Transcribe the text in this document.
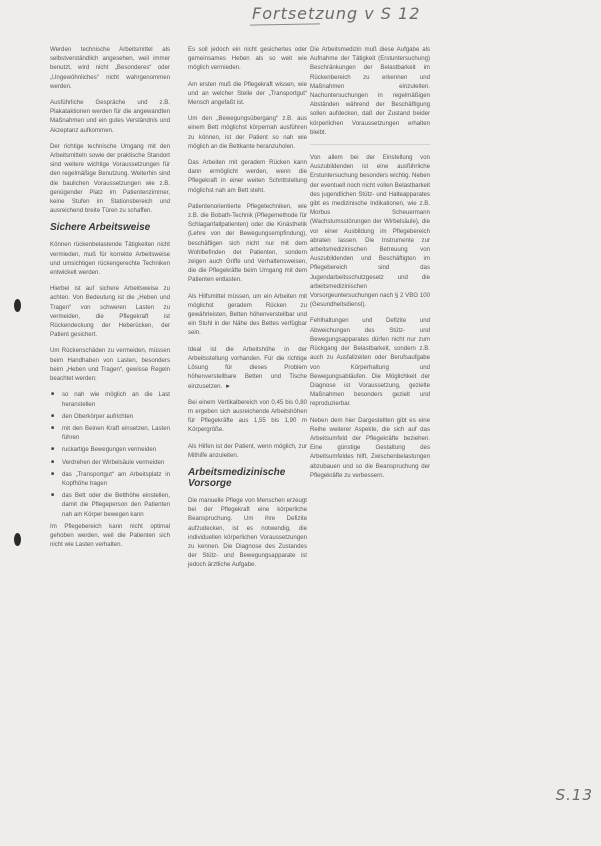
Fortsetzung v S 12

Werden technische Arbeitsmittel als selbstverständlich angesehen, weil immer benutzt, wird nicht „Besonderes“ oder „Ungewöhnliches“ nicht wahrgenommen werden.

Ausführliche Gespräche und z.B. Plakataktionen werden für die angewandten Maßnahmen und ein gutes Verständnis und Akzeptanz aufkommen.

Der richtige technische Umgang mit den Arbeitsmitteln sowie der praktische Standort sind weitere wichtige Voraussetzungen für den regelmäßige Benutzung. Weiterhin sind die baulichen Voraussetzungen wie z.B. genügender Platz im Patientenzimmer, keine Stufen im Stationsbereich und ausreichend breite Türen zu schaffen.

Sichere Arbeitsweise

Können rückenbelastende Tätigkeiten nicht vermieden, muß für korrekte Arbeitsweise und umsichtigen rückengerechte Techniken entwickelt werden.

Hierbei ist auf sichere Arbeitsweise zu achten. Von Bedeutung ist die „Heben und Tragen“ von schweren Lasten zu vermeiden, die Pflegekraft ist Rückendeckung der Heberücken, der Patient gesichert.

Um Rückenschäden zu vermeiden, müssen beim Handhaben von Lasten, besonders beim „Heben und Tragen“, gewisse Regeln beachtet werden:

■ so nah wie möglich an die Last heranstellen
■ den Oberkörper aufrichten
■ mit den Beinen Kraft einsetzen, Lasten führen
■ ruckartige Bewegungen vermeiden
■ Verdrehen der Wirbelsäule vermeiden
■ das „Transportgut“ am Arbeitsplatz in Kopfhöhe tragen
■ das Bett oder die Betthöhe einstellen, damit die Pflegeperson den Patienten nah am Körper bewegen kann

Im Pflegebereich kann nicht optimal gehoben werden, weil die Patienten sich nicht wie Lasten verhalten.

Es soll jedoch ein nicht gesichertes oder gemeinsames Heben als so weit wie möglich vermieden.

Am ersten muß die Pflegekraft wissen, wie und an welcher Stelle der „Transportgut“ Mensch angefaßt ist.

Um den „Bewegungsübergang“ z.B. aus einem Bett möglichst körpernah ausführen zu können, ist der Patient so nah wie möglich an die Bettkante heranzuholen.

Das Arbeiten mit geradem Rücken kann dann ermöglicht werden, wenn die Pflegekraft in einer weiten Schrittstellung möglichst nah am Bett steht.

Patientenorientierte Pflegetechniken, wie z.B. die Bobath-Technik (Pflegemethode für Schlaganfallpatienten) oder die Kinästhetik (Lehre von der Bewegungsempfindung), beschäftigen sich nicht nur mit dem Wohlbefinden der Patienten, sondern zeigen auch Griffe und Verhaltensweisen, die die Pflegekräfte beim Umgang mit dem Patienten entlasten.

Als Hilfsmittel müssen, um ein Arbeiten mit möglichst geradem Rücken zu gewährleisten, Betten höhenverstellbar und ein Stuhl in der Nähe des Bettes verfügbar sein.

Ideal ist die Arbeitshöhe in der Arbeitsstellung vorhanden. Für die richtige Lösung für dieses Problem höhenverstellbare Betten und Tische einzusetzen. ▸

Bei einem Vertikalbereich von 0,45 bis 0,80 m ergeben sich ausreichende Arbeitshöhen für Pflegekräfte aus 1,55 bis 1,90 m Körpergröße.

Als Hilfen ist der Patient, wenn möglich, zur Mithilfe anzuleiten.

Arbeitsmedizinische Vorsorge

Die manuelle Pflege von Menschen erzeugt bei der Pflegekraft eine körperliche Beanspruchung. Um ihre Defizite aufzudecken, ist es notwendig, die individuellen körperlichen Voraussetzungen zu kennen. Die Diagnose des Zustandes der Stütz- und Bewegungsapparate ist jedoch ärztliche Aufgabe.

Die Arbeitsmedizin muß diese Aufgabe als Aufnahme der Tätigkeit (Erstuntersuchung) Beschränkungen der Belastbarkeit im Rückenbereich zu erkennen und Maßnahmen einzuleiten. Nachuntersuchungen in regelmäßigen Abständen während der Beschäftigung sollen aufdecken, daß der Zustand beider körperlichen Voraussetzungen erhalten bleibt.

Von allem bei der Einstellung von Auszubildenden ist eine ausführliche Erstuntersuchung besonders wichtig. Neben der eventuell noch nicht vollen Belastbarkeit des jugendlichen Stütz- und Halteapparates gibt es medizinische Indikationen, wie z.B. Morbus Scheuermann (Wachstumsstörungen der Wirbelsäule), die vor einer Ausbildung im Pflegebereich abraten lassen. Die Instrumente zur arbeitsmedizinischen Betreuung von Auszubildenden und Beschäftigten im Pflegebereich sind das Jugendarbeitsschutzgesetz und die arbeitsmedizinischen Vorsorgeuntersuchungen nach § 2 VBG 100 (Gesundheitsdienst).

Fehlhaltungen und Defizite und Abweichungen des Stütz- und Bewegungsapparates dürfen nicht nur zum Rückgang der Belastbarkeit, sondern z.B. auch zu Ausfallzeiten oder Berufsaufgabe von Körperhaltung und Bewegungsabläufen. Die Möglichkeit der Diagnose ist Voraussetzung, gezielte Maßnahmen besonders gezielt und reproduzierbar.

Neben dem hier Dargestellten gibt es eine Reihe weiterer Aspekte, die sich auf das Arbeitsumfeld der Pflegekräfte beziehen. Eine günstige Gestaltung des Arbeitsumfeldes hilft, Zwischenbelastungen abzubauen und so die Beanspruchung der Pflegekräfte zu verbessern.

S.13
